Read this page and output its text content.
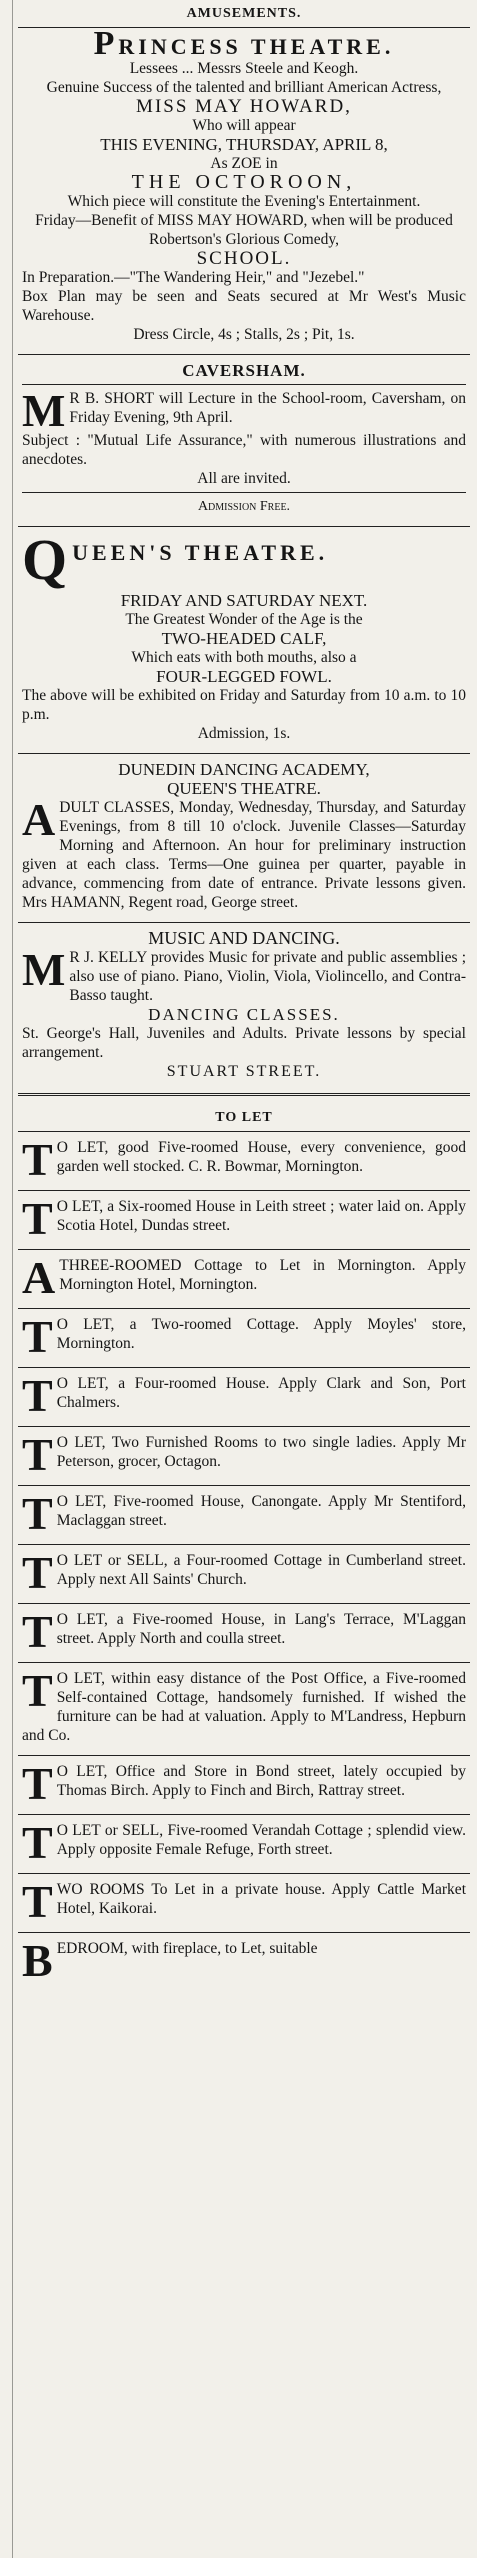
AMUSEMENTS.
PRINCESS THEATRE.
Lessees ... Messrs Steele and Keogh.
Genuine Success of the talented and brilliant American Actress,
MISS MAY HOWARD,
Who will appear
THIS EVENING, THURSDAY, APRIL 8,
As ZOE in
THE OCTOROON,
Which piece will constitute the Evening's Entertainment.
Friday—Benefit of MISS MAY HOWARD, when will be produced Robertson's Glorious Comedy,
SCHOOL.
In Preparation.—"The Wandering Heir," and "Jezebel."
Box Plan may be seen and Seats secured at Mr West's Music Warehouse.
Dress Circle, 4s ; Stalls, 2s ; Pit, 1s.
CAVERSHAM.
M R B. SHORT will Lecture in the School-room, Caversham, on Friday Evening, 9th April.
Subject : "Mutual Life Assurance," with numerous illustrations and anecdotes.
All are invited.
Admission Free.
Q UEEN'S THEATRE.
FRIDAY AND SATURDAY NEXT.
The Greatest Wonder of the Age is the
TWO-HEADED CALF,
Which eats with both mouths, also a
FOUR-LEGGED FOWL.
The above will be exhibited on Friday and Saturday from 10 a.m. to 10 p.m.
Admission, 1s.
DUNEDIN DANCING ACADEMY,
QUEEN'S THEATRE.
ADULT CLASSES, Monday, Wednesday, Thursday, and Saturday Evenings, from 8 till 10 o'clock. Juvenile Classes—Saturday Morning and Afternoon. An hour for preliminary instruction given at each class. Terms—One guinea per quarter, payable in advance, commencing from date of entrance. Private lessons given. Mrs HAMANN, Regent road, George street.
MUSIC AND DANCING.
M R J. KELLY provides Music for private and public assemblies ; also use of piano. Piano, Violin, Viola, Violincello, and Contra-Basso taught.
DANCING CLASSES.
St. George's Hall, Juveniles and Adults. Private lessons by special arrangement.
STUART STREET.
TO LET
T O LET, good Five-roomed House, every convenience, good garden well stocked. C. R. Bowmar, Mornington.
T O LET, a Six-roomed House in Leith street ; water laid on. Apply Scotia Hotel, Dundas street.
A THREE-ROOMED Cottage to Let in Mornington. Apply Mornington Hotel, Mornington.
T O LET, a Two-roomed Cottage. Apply Moyles' store, Mornington.
T O LET, a Four-roomed House. Apply Clark and Son, Port Chalmers.
T O LET, Two Furnished Rooms to two single ladies. Apply Mr Peterson, grocer, Octagon.
T O LET, Five-roomed House, Canongate. Apply Mr Stentiford, Maclaggan street.
T O LET or SELL, a Four-roomed Cottage in Cumberland street. Apply next All Saints' Church.
T O LET, a Five-roomed House, in Lang's Terrace, M'Laggan street. Apply North and coulla street.
T O LET, within easy distance of the Post Office, a Five-roomed Self-contained Cottage, handsomely furnished. If wished the furniture can be had at valuation. Apply to M'Landress, Hepburn and Co.
T O LET, Office and Store in Bond street, lately occupied by Thomas Birch. Apply to Finch and Birch, Rattray street.
T O LET or SELL, Five-roomed Verandah Cottage ; splendid view. Apply opposite Female Refuge, Forth street.
TWO ROOMS To Let in a private house. Apply Cattle Market Hotel, Kaikorai.
BEDROOM, with fireplace, to Let, suitable
